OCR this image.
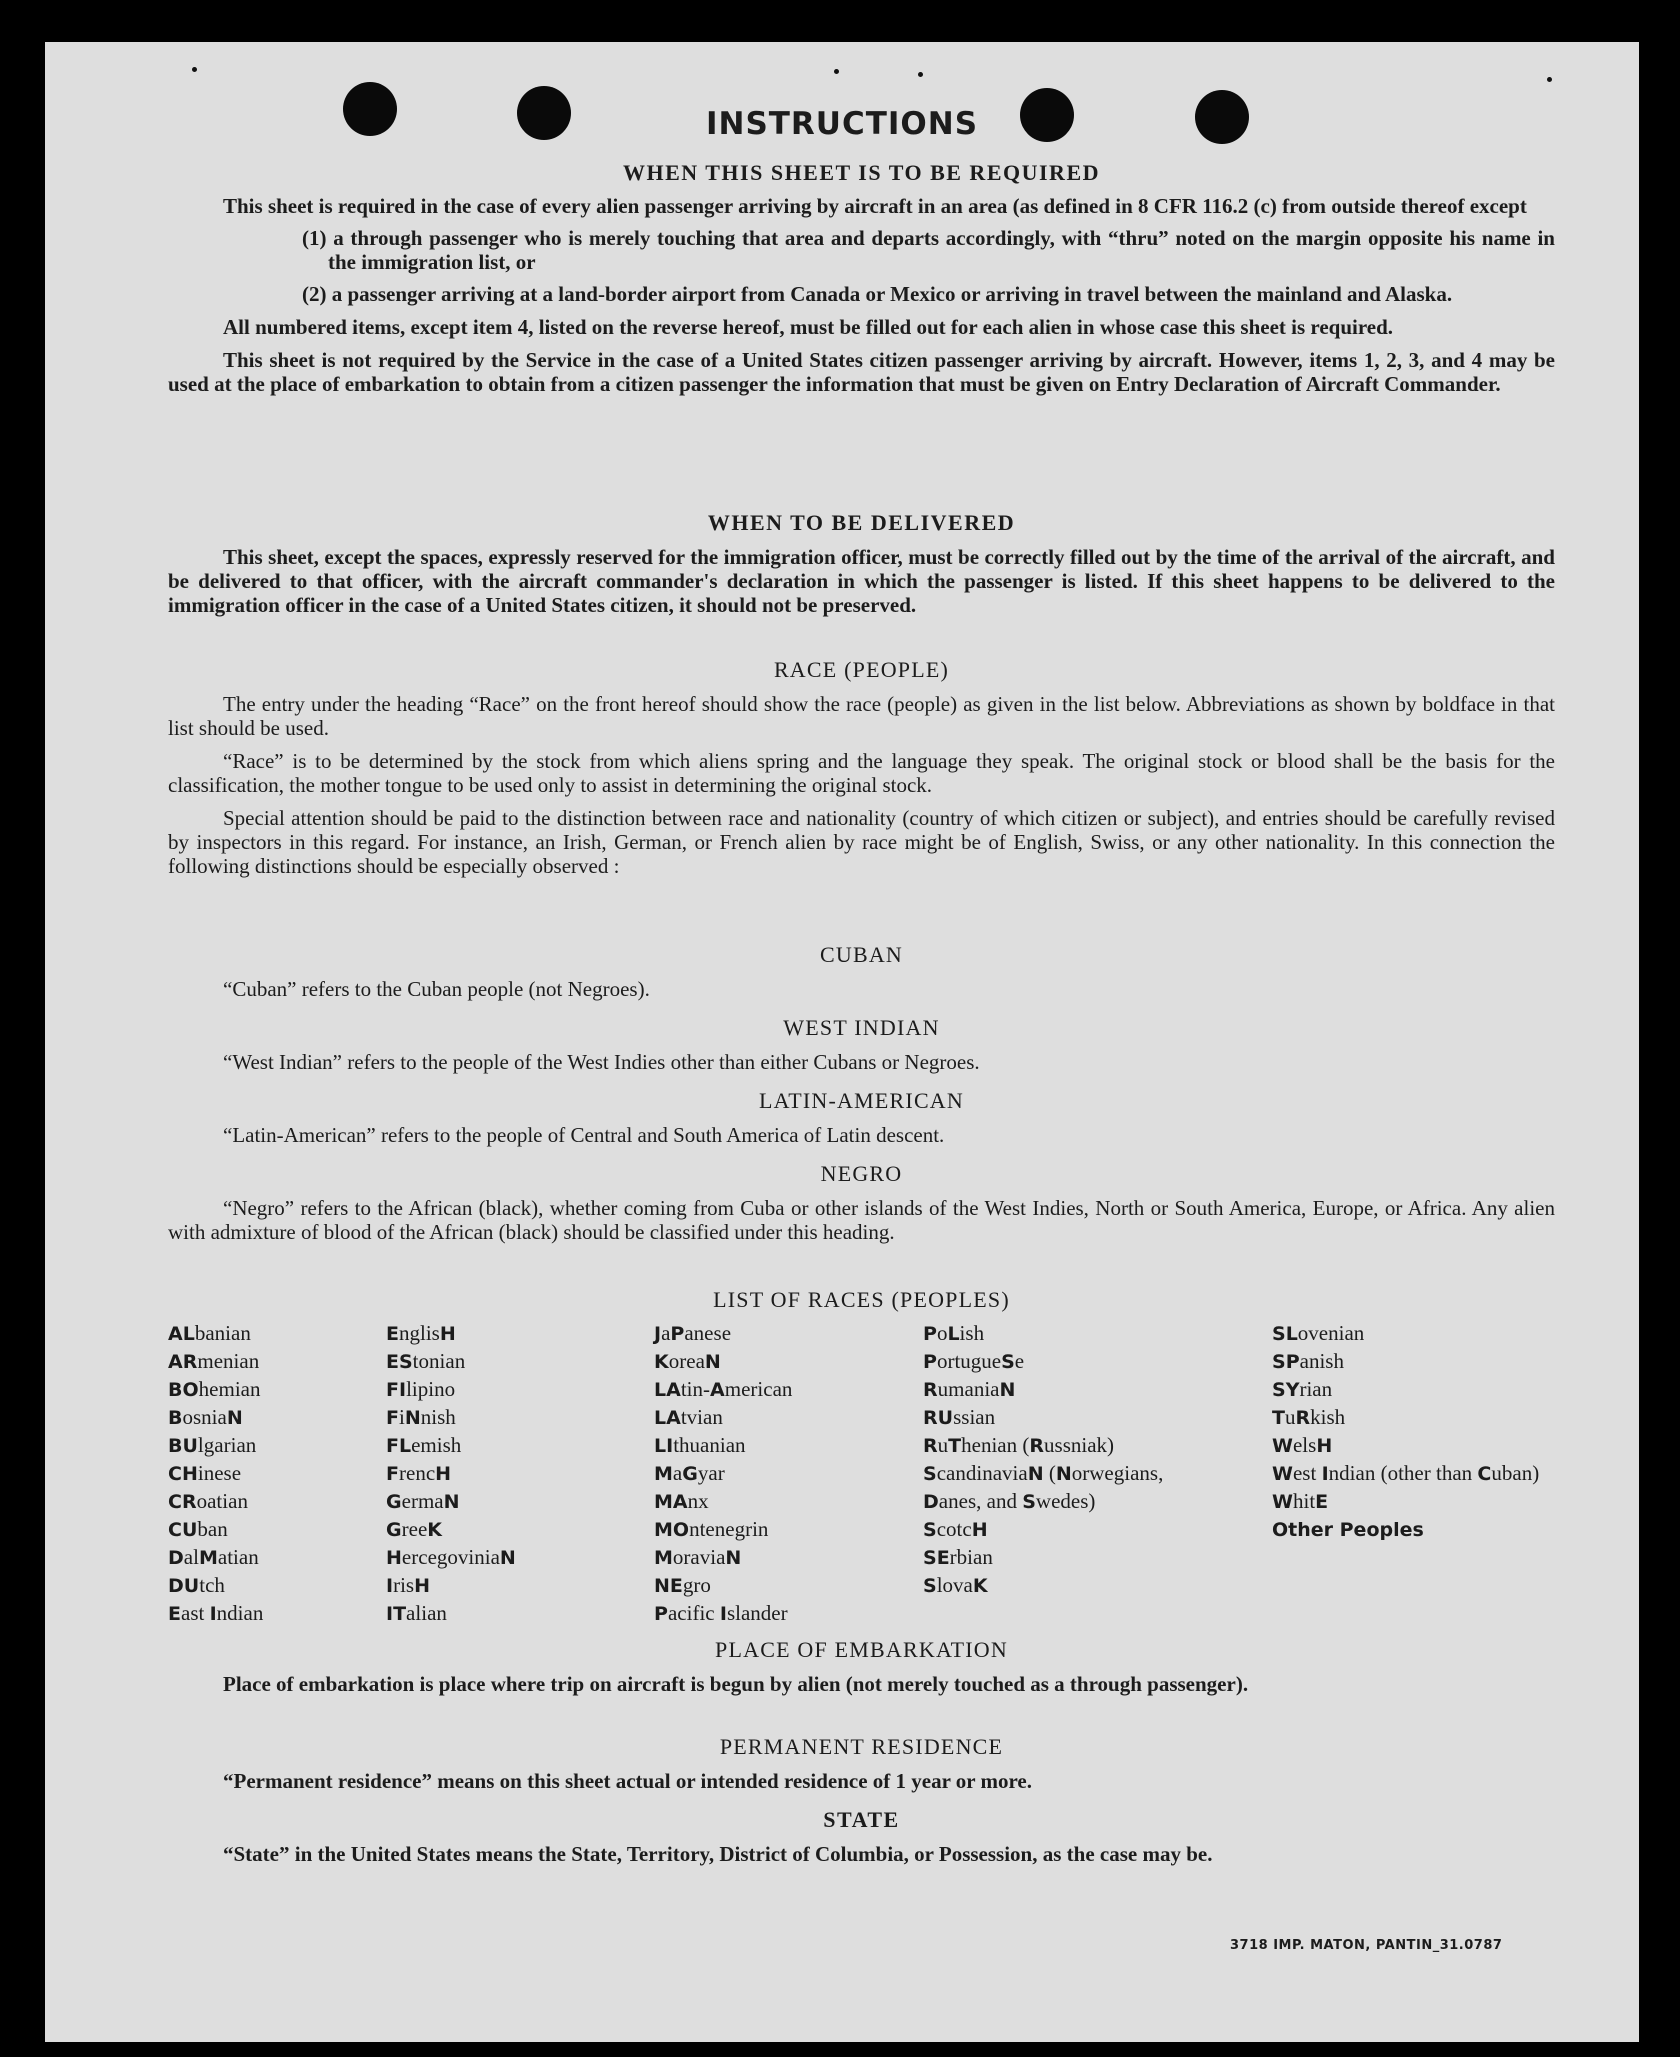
INSTRUCTIONS
WHEN THIS SHEET IS TO BE REQUIRED
This sheet is required in the case of every alien passenger arriving by aircraft in an area (as defined in 8 CFR 116.2 (c) from outside thereof except
(1) a through passenger who is merely touching that area and departs accordingly, with “thru” noted on the margin opposite his name in the immigration list, or
(2) a passenger arriving at a land-border airport from Canada or Mexico or arriving in travel between the mainland and Alaska.
All numbered items, except item 4, listed on the reverse hereof, must be filled out for each alien in whose case this sheet is required.
This sheet is not required by the Service in the case of a United States citizen passenger arriving by aircraft. However, items 1, 2, 3, and 4 may be used at the place of embarkation to obtain from a citizen passenger the information that must be given on Entry Declaration of Aircraft Commander.
WHEN TO BE DELIVERED
This sheet, except the spaces, expressly reserved for the immigration officer, must be correctly filled out by the time of the arrival of the aircraft, and be delivered to that officer, with the aircraft commander's declaration in which the passenger is listed. If this sheet happens to be delivered to the immigration officer in the case of a United States citizen, it should not be preserved.
RACE (PEOPLE)
The entry under the heading “Race” on the front hereof should show the race (people) as given in the list below. Abbreviations as shown by boldface in that list should be used.
“Race” is to be determined by the stock from which aliens spring and the language they speak. The original stock or blood shall be the basis for the classification, the mother tongue to be used only to assist in determining the original stock.
Special attention should be paid to the distinction between race and nationality (country of which citizen or subject), and entries should be carefully revised by inspectors in this regard. For instance, an Irish, German, or French alien by race might be of English, Swiss, or any other nationality. In this connection the following distinctions should be especially observed :
CUBAN
“Cuban” refers to the Cuban people (not Negroes).
WEST INDIAN
“West Indian” refers to the people of the West Indies other than either Cubans or Negroes.
LATIN-AMERICAN
“Latin-American” refers to the people of Central and South America of Latin descent.
NEGRO
“Negro” refers to the African (black), whether coming from Cuba or other islands of the West Indies, North or South America, Europe, or Africa. Any alien with admixture of blood of the African (black) should be classified under this heading.
LIST OF RACES (PEOPLES)
ALbanian
ARmenian
BOhemian
BosniaN
BUlgarian
CHinese
CRoatian
CUban
DalMatian
DUtch
East Indian
EnglisH
EStonian
FIlipino
FiNnish
FLemish
FrencH
GermaN
GreeK
HercegoviniaN
IrisH
ITalian
JaPanese
KoreaN
LAtin-American
LAtvian
LIthuanian
MaGyar
MAnx
MOntenegrin
MoraviaN
NEgro
Pacific Islander
PoLish
PortugueSe
RumaniaN
RUssian
RuThenian (Russniak)
ScandinaviaN (Norwegians, Danes, and Swedes)
ScotcH
SErbian
SlovaK
SLovenian
SPanish
SYrian
TuRkish
WelsH
West Indian (other than Cuban)
WhitE
Other Peoples
PLACE OF EMBARKATION
Place of embarkation is place where trip on aircraft is begun by alien (not merely touched as a through passenger).
PERMANENT RESIDENCE
“Permanent residence” means on this sheet actual or intended residence of 1 year or more.
STATE
“State” in the United States means the State, Territory, District of Columbia, or Possession, as the case may be.
3718 IMP. MATON, PANTIN_31.0787
